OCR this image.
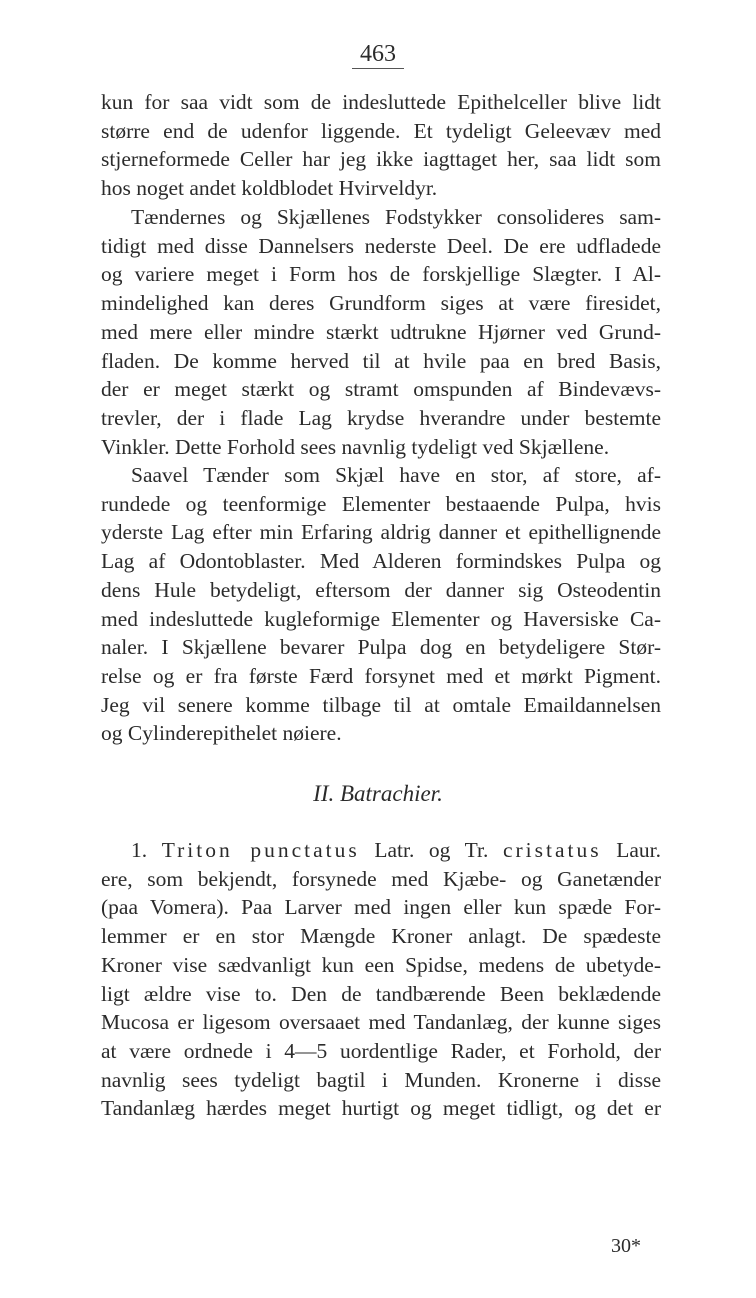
463
kun for saa vidt som de indesluttede Epithelceller blive lidt
større end de udenfor liggende. Et tydeligt Geleevæv med
stjerneformede Celler har jeg ikke iagttaget her, saa lidt som
hos noget andet koldblodet Hvirveldyr.
Tændernes og Skjællenes Fodstykker consolideres sam-
tidigt med disse Dannelsers nederste Deel. De ere udfladede
og variere meget i Form hos de forskjellige Slægter. I Al-
mindelighed kan deres Grundform siges at være firesidet,
med mere eller mindre stærkt udtrukne Hjørner ved Grund-
fladen. De komme herved til at hvile paa en bred Basis,
der er meget stærkt og stramt omspunden af Bindevævs-
trevler, der i flade Lag krydse hverandre under bestemte
Vinkler. Dette Forhold sees navnlig tydeligt ved Skjællene.
Saavel Tænder som Skjæl have en stor, af store, af-
rundede og teenformige Elementer bestaaende Pulpa, hvis
yderste Lag efter min Erfaring aldrig danner et epithellignende
Lag af Odontoblaster. Med Alderen formindskes Pulpa og
dens Hule betydeligt, eftersom der danner sig Osteodentin
med indesluttede kugleformige Elementer og Haversiske Ca-
naler. I Skjællene bevarer Pulpa dog en betydeligere Stør-
relse og er fra første Færd forsynet med et mørkt Pigment.
Jeg vil senere komme tilbage til at omtale Emaildannelsen
og Cylinderepithelet nøiere.
II. Batrachier.
1. Triton punctatus Latr. og Tr. cristatus Laur.
ere, som bekjendt, forsynede med Kjæbe- og Ganetænder
(paa Vomera). Paa Larver med ingen eller kun spæde For-
lemmer er en stor Mængde Kroner anlagt. De spædeste
Kroner vise sædvanligt kun een Spidse, medens de ubetyde-
ligt ældre vise to. Den de tandbærende Been beklædende
Mucosa er ligesom oversaaet med Tandanlæg, der kunne siges
at være ordnede i 4—5 uordentlige Rader, et Forhold, der
navnlig sees tydeligt bagtil i Munden. Kronerne i disse
Tandanlæg hærdes meget hurtigt og meget tidligt, og det er
30*
